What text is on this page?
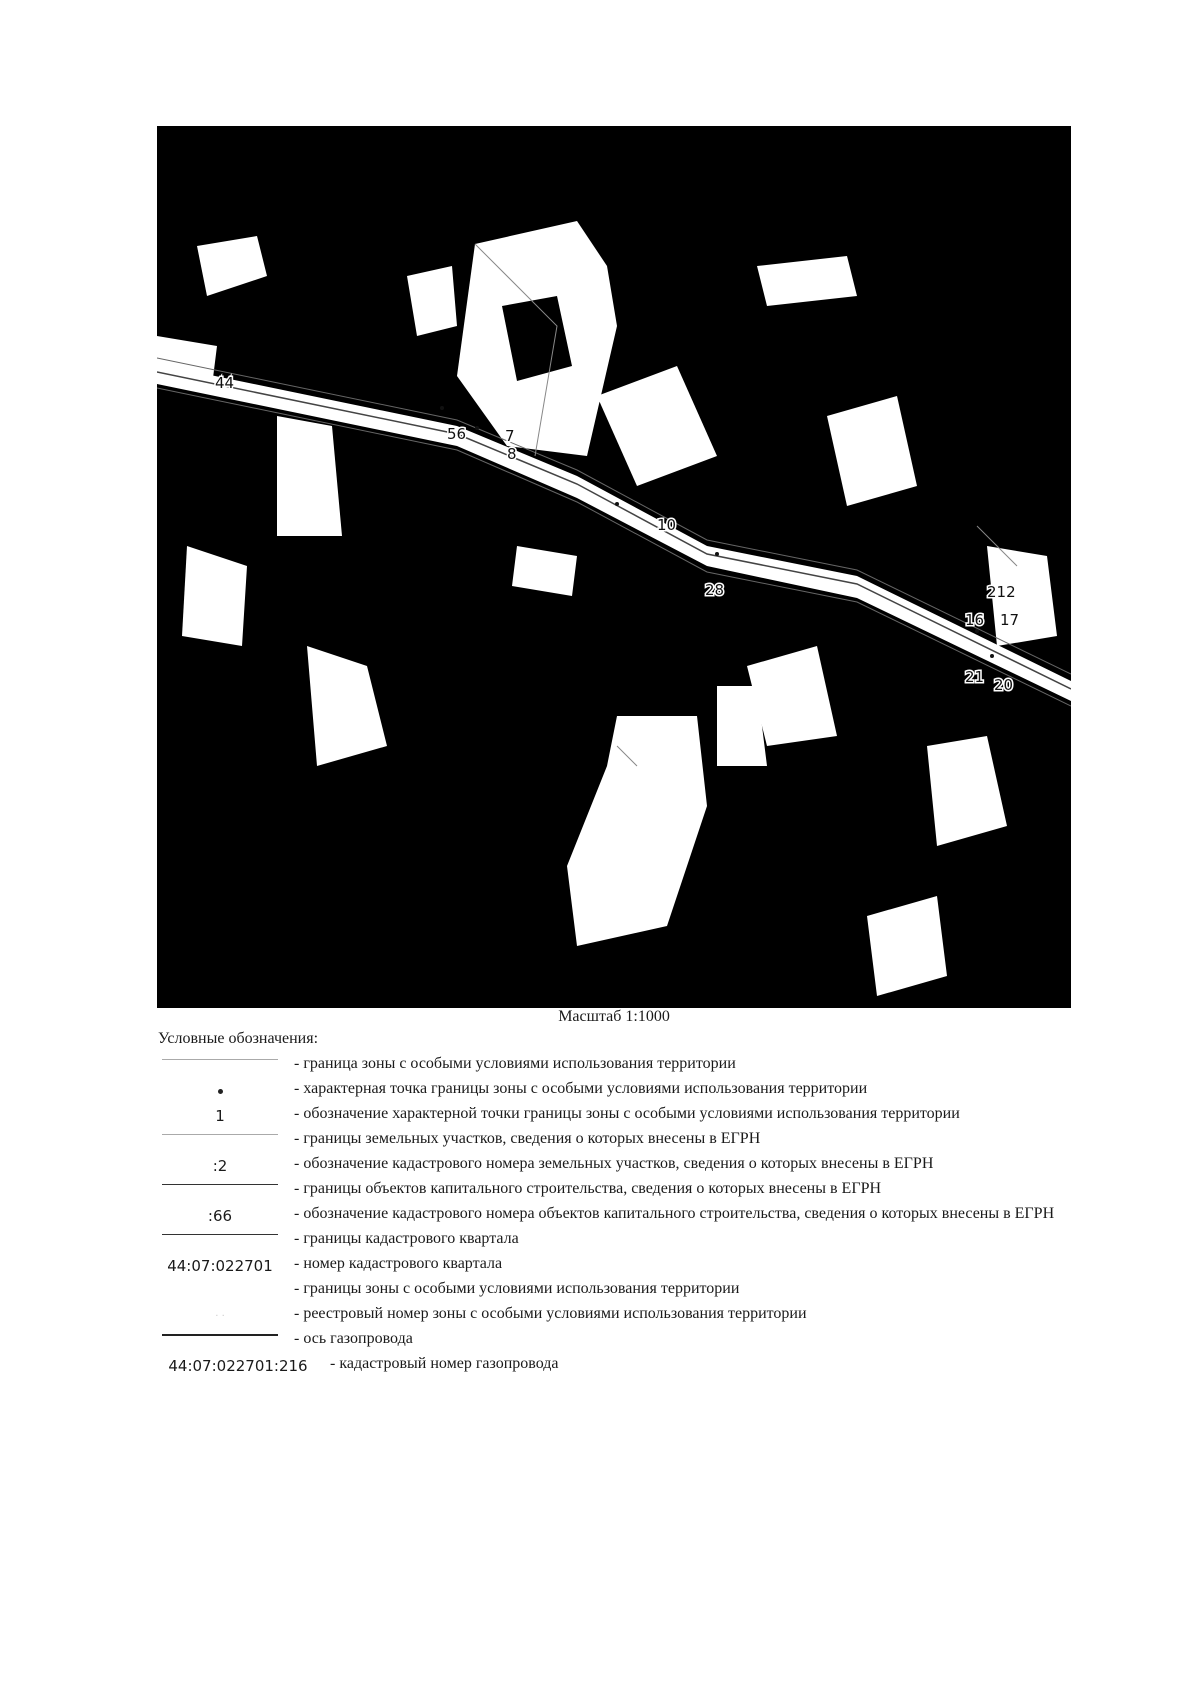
44
56	7
8
10
28	212
16 17
21 20
Масштаб 1:1000
Условные обозначения:
- граница зоны с особыми условиями использования территории
- характерная точка границы зоны с особыми условиями использования территории
1	- обозначение характерной точки границы зоны с особыми условиями использования территории
- границы земельных участков, сведения о которых внесены в ЕГРН
:2	- обозначение кадастрового номера земельных участков, сведения о которых внесены в ЕГРН
- границы объектов капитального строительства, сведения о которых внесены в ЕГРН
:66	- обозначение кадастрового номера объектов капитального строительства, сведения о которых внесены в ЕГРН
- границы кадастрового квартала
44:07:022701	- номер кадастрового квартала
- границы зоны с особыми условиями использования территории
· ·	- реестровый номер зоны с особыми условиями использования территории
- ось газопровода
44:07:022701:216	- кадастровый номер газопровода
